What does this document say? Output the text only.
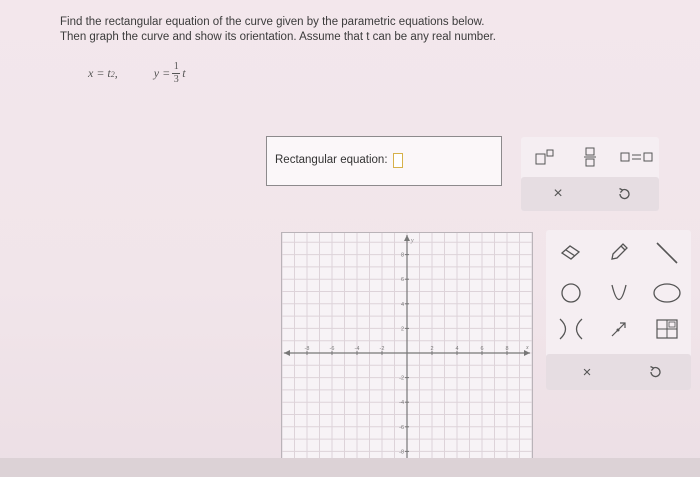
Find the rectangular equation of the curve given by the parametric equations below.

Then graph the curve and show its orientation. Assume that t can be any real number.

x = t 2 ,	$y = \frac{1}{3}$ t
Rectangular equation:
×
-8	-6	-4	-2	2	4	6	8
8
6
4
2
-2
-4
-6
-8
x
y
×
